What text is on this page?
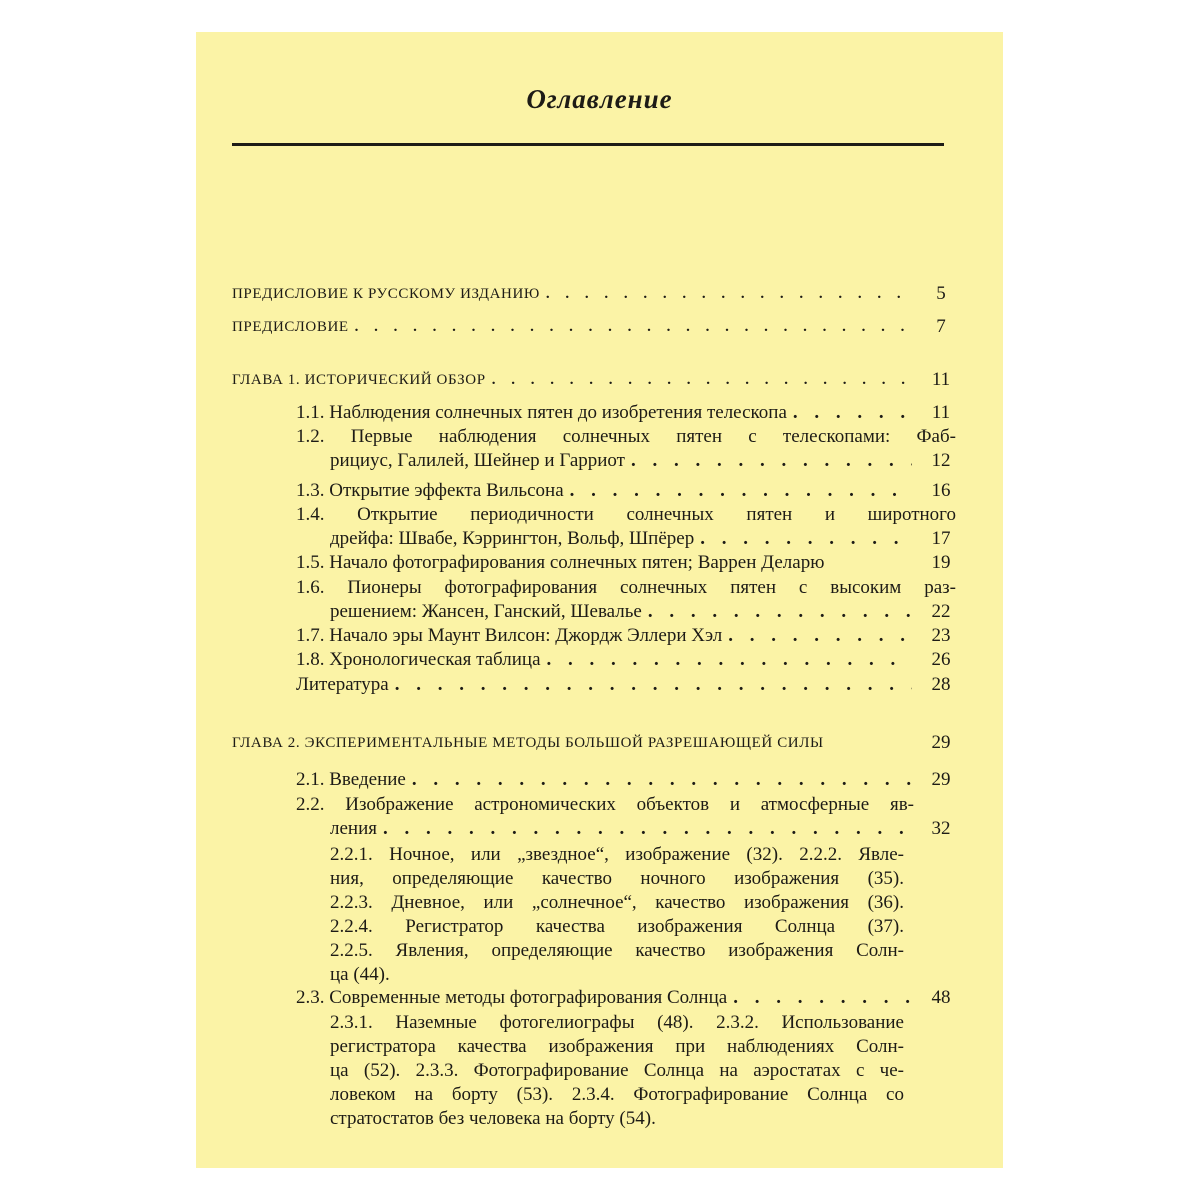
Оглавление
ПРЕДИСЛОВИЕ К РУССКОМУ ИЗДАНИЮ . . .	5
ПРЕДИСЛОВИЕ . . .	7
ГЛАВА 1. ИСТОРИЧЕСКИЙ ОБЗОР . . .	11
1.1. Наблюдения солнечных пятен до изобретения телескопа . . .	11
1.2. Первые наблюдения солнечных пятен с телескопами: Фаб-
рициус, Галилей, Шейнер и Гарриот . . .	12
1.3. Открытие эффекта Вильсона . . .	16
1.4. Открытие периодичности солнечных пятен и широтного
дрейфа: Швабе, Кэррингтон, Вольф, Шпёрер . . .	17
1.5. Начало фотографирования солнечных пятен; Варрен Деларю	19
1.6. Пионеры фотографирования солнечных пятен с высоким раз-
решением: Жансен, Ганский, Шевалье . . .	22
1.7. Начало эры Маунт Вилсон: Джордж Эллери Хэл . . .	23
1.8. Хронологическая таблица . . .	26
Литература . . .	28
ГЛАВА 2. ЭКСПЕРИМЕНТАЛЬНЫЕ МЕТОДЫ БОЛЬШОЙ РАЗРЕШАЮЩЕЙ СИЛЫ	29
2.1. Введение . . .	29
2.2. Изображение астрономических объектов и атмосферные яв-
ления . . .	32
2.2.1. Ночное, или „звездное“, изображение (32). 2.2.2. Явле-
ния, определяющие качество ночного изображения (35).
2.2.3. Дневное, или „солнечное“, качество изображения (36).
2.2.4. Регистратор качества изображения Солнца (37).
2.2.5. Явления, определяющие качество изображения Солн-
ца (44).
2.3. Современные методы фотографирования Солнца . . .	48
2.3.1. Наземные фотогелиографы (48). 2.3.2. Использование
регистратора качества изображения при наблюдениях Солн-
ца (52). 2.3.3. Фотографирование Солнца на аэростатах с че-
ловеком на борту (53). 2.3.4. Фотографирование Солнца со
стратостатов без человека на борту (54).
